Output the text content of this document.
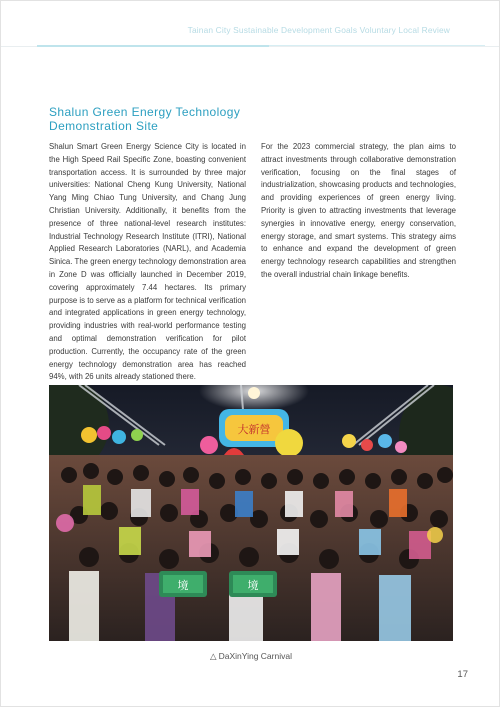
Tainan City Sustainable Development Goals Voluntary Local Review
Shalun Green Energy Technology
Demonstration Site
Shalun Smart Green Energy Science City is located in the High Speed Rail Specific Zone, boasting convenient transportation access. It is surrounded by three major universities: National Cheng Kung University, National Yang Ming Chiao Tung University, and Chang Jung Christian University. Additionally, it benefits from the presence of three national-level research institutes: Industrial Technology Research Institute (ITRI), National Applied Research Laboratories (NARL), and Academia Sinica. The green energy technology demonstration area in Zone D was officially launched in December 2019, covering approximately 7.44 hectares. Its primary purpose is to serve as a platform for technical verification and integrated applications in green energy technology, providing industries with real-world performance testing and optimal demonstration verification for pilot production. Currently, the occupancy rate of the green energy technology demonstration area has reached 94%, with 26 units already stationed there.
For the 2023 commercial strategy, the plan aims to attract investments through collaborative demonstration verification, focusing on the final stages of industrialization, showcasing products and technologies, and providing experiences of green energy living. Priority is given to attracting investments that leverage synergies in innovative energy, energy conservation, energy storage, and smart systems. This strategy aims to enhance and expand the development of green energy technology research capabilities and strengthen the overall industrial chain linkage benefits.
大新營
境	境
△ DaXinYing Carnival
17
